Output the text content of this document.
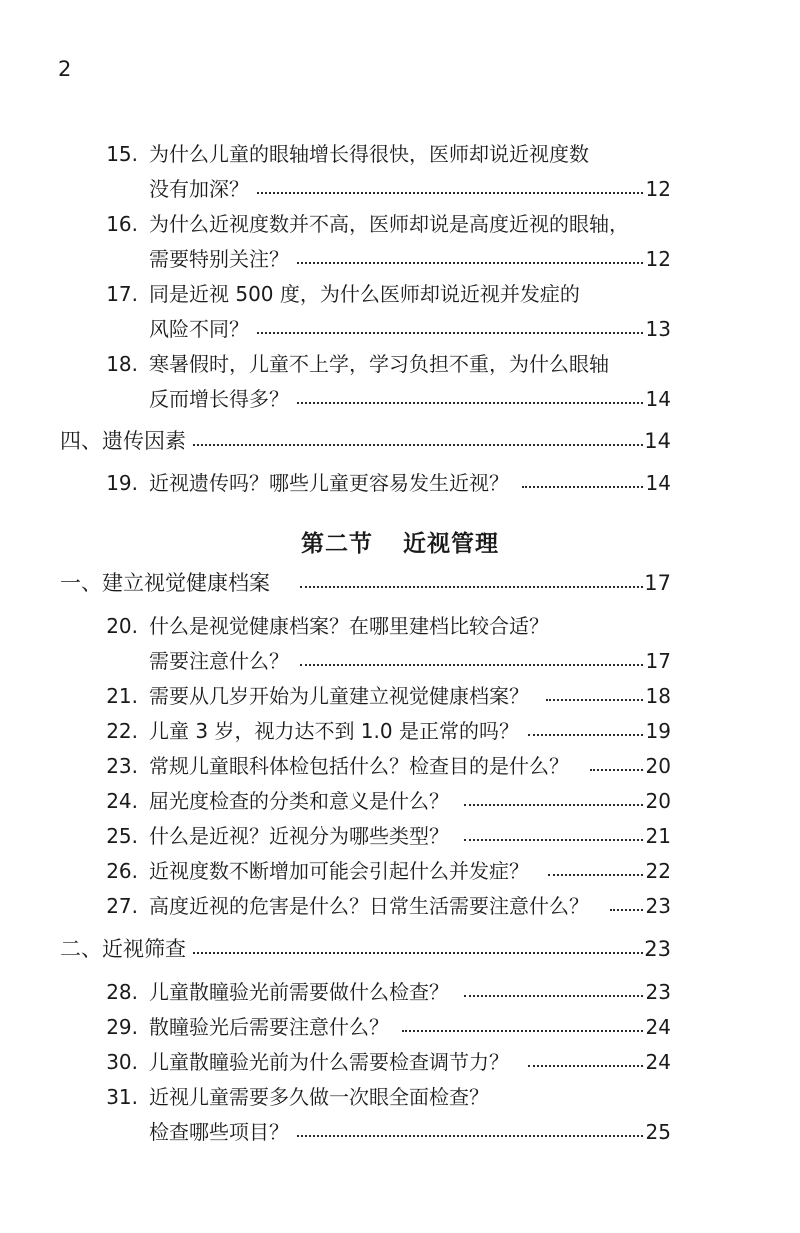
2
15. 为什么儿童的眼轴增长得很快，医师却说近视度数
没有加深？	12
16. 为什么近视度数并不高，医师却说是高度近视的眼轴，
需要特别关注？	12
17. 同是近视 500 度，为什么医师却说近视并发症的
风险不同？	13
18. 寒暑假时，儿童不上学，学习负担不重，为什么眼轴
反而增长得多？	14
四、遗传因素	14
19. 近视遗传吗？哪些儿童更容易发生近视？	14
第二节 近视管理
一、建立视觉健康档案	17
20. 什么是视觉健康档案？在哪里建档比较合适？
需要注意什么？	17
21. 需要从几岁开始为儿童建立视觉健康档案？	18
22. 儿童 3 岁，视力达不到 1.0 是正常的吗？	19
23. 常规儿童眼科体检包括什么？检查目的是什么？	20
24. 屈光度检查的分类和意义是什么？	20
25. 什么是近视？近视分为哪些类型？	21
26. 近视度数不断增加可能会引起什么并发症？	22
27. 高度近视的危害是什么？日常生活需要注意什么？	23
二、近视筛查	23
28. 儿童散瞳验光前需要做什么检查？	23
29. 散瞳验光后需要注意什么？	24
30. 儿童散瞳验光前为什么需要检查调节力？	24
31. 近视儿童需要多久做一次眼全面检查？
检查哪些项目？	25
